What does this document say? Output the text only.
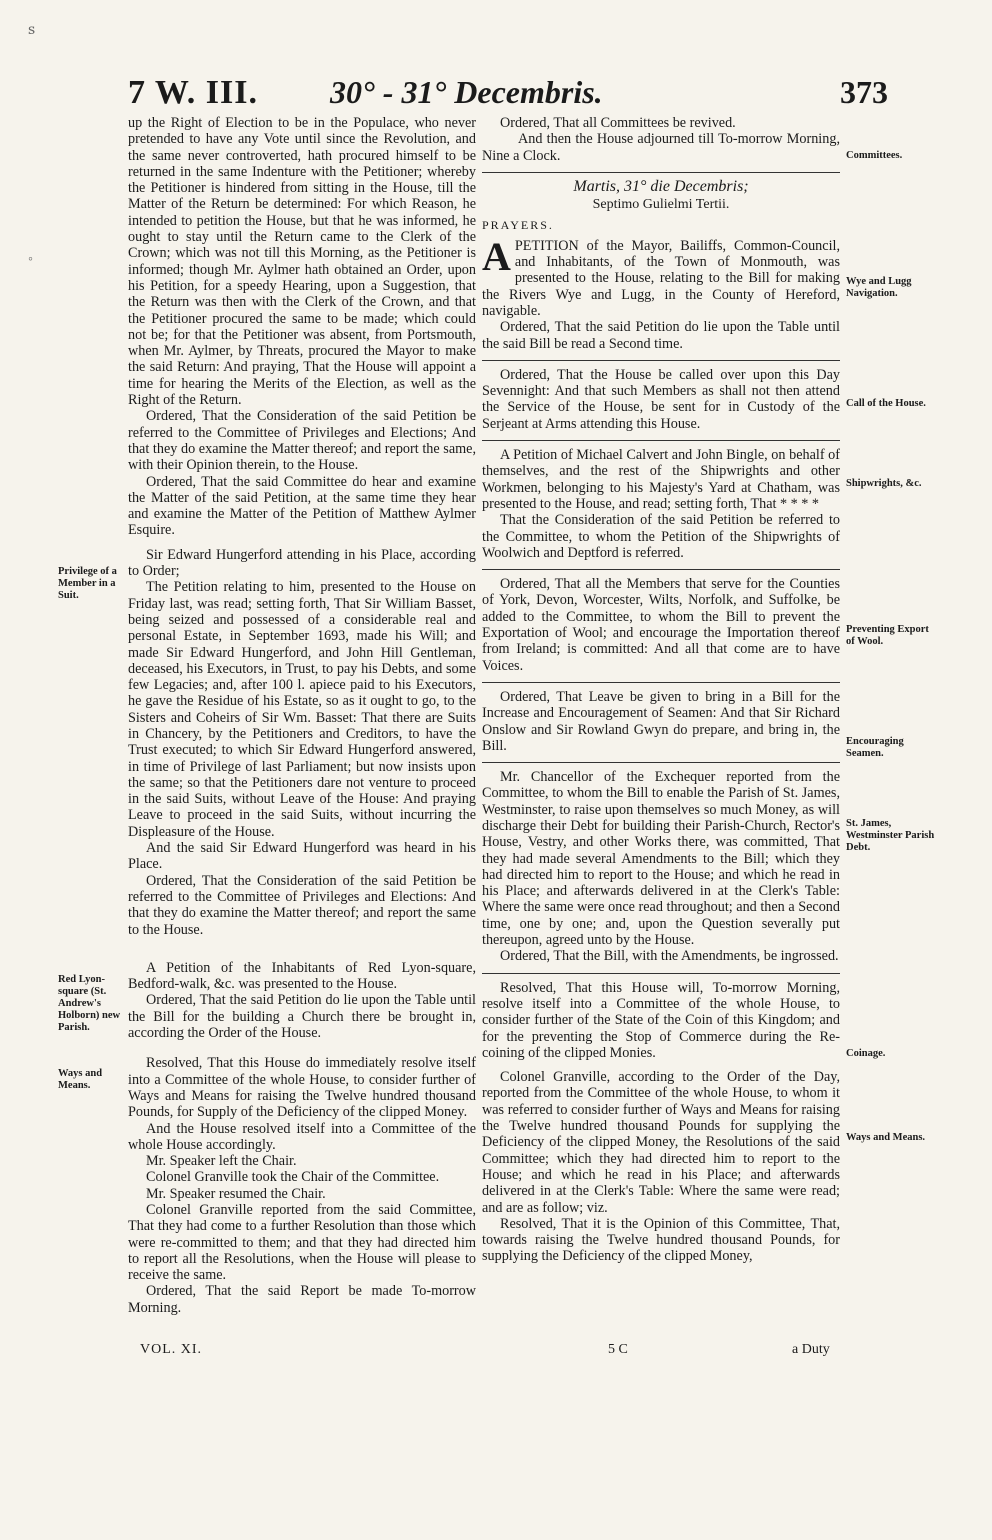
7 W. III. 30° - 31° Decembris.	373
ꜱ
◦

up the Right of Election to be in the Populace, who never pretended to have any Vote until since the Revolution, and the same never controverted, hath procured himself to be returned in the same Indenture with the Petitioner; whereby the Petitioner is hindered from sitting in the House, till the Matter of the Return be determined: For which Reason, he intended to petition the House, but that he was informed, he ought to stay until the Return came to the Clerk of the Crown; which was not till this Morning, as the Petitioner is informed; though Mr. Aylmer hath obtained an Order, upon his Petition, for a speedy Hearing, upon a Suggestion, that the Return was then with the Clerk of the Crown, and that the Petitioner procured the same to be made; which could not be; for that the Petitioner was absent, from Portsmouth, when Mr. Aylmer, by Threats, procured the Mayor to make the said Return: And praying, That the House will appoint a time for hearing the Merits of the Election, as well as the Right of the Return.

Ordered, That the Consideration of the said Petition be referred to the Committee of Privileges and Elections; And that they do examine the Matter thereof; and report the same, with their Opinion therein, to the House.

Ordered, That the said Committee do hear and examine the Matter of the said Petition, at the same time they hear and examine the Matter of the Petition of Matthew Aylmer Esquire.

Sir Edward Hungerford attending in his Place, according to Order;

The Petition relating to him, presented to the House on Friday last, was read; setting forth, That Sir William Basset, being seized and possessed of a considerable real and personal Estate, in September 1693, made his Will; and made Sir Edward Hungerford, and John Hill Gentleman, deceased, his Executors, in Trust, to pay his Debts, and some few Legacies; and, after 100 l. apiece paid to his Executors, he gave the Residue of his Estate, so as it ought to go, to the Sisters and Coheirs of Sir Wm. Basset: That there are Suits in Chancery, by the Petitioners and Creditors, to have the Trust executed; to which Sir Edward Hungerford answered, in time of Privilege of last Parliament; but now insists upon the same; so that the Petitioners dare not venture to proceed in the said Suits, without Leave of the House: And praying Leave to proceed in the said Suits, without incurring the Displeasure of the House.

And the said Sir Edward Hungerford was heard in his Place.

Ordered, That the Consideration of the said Petition be referred to the Committee of Privileges and Elections: And that they do examine the Matter thereof; and report the same to the House.

A Petition of the Inhabitants of Red Lyon-square, Bedford-walk, &c. was presented to the House.

Ordered, That the said Petition do lie upon the Table until the Bill for the building a Church there be brought in, according the Order of the House.

Resolved, That this House do immediately resolve itself into a Committee of the whole House, to consider further of Ways and Means for raising the Twelve hundred thousand Pounds, for Supply of the Deficiency of the clipped Money.

And the House resolved itself into a Committee of the whole House accordingly.

Mr. Speaker left the Chair.

Colonel Granville took the Chair of the Committee.

Mr. Speaker resumed the Chair.

Colonel Granville reported from the said Committee, That they had come to a further Resolution than those which were re-committed to them; and that they had directed him to report all the Resolutions, when the House will please to receive the same.

Ordered, That the said Report be made To-morrow Morning.

Privilege of a Member in a Suit.
Red Lyon-square (St. Andrew's Holborn) new Parish.
Ways and Means.

Ordered, That all Committees be revived.

And then the House adjourned till To-morrow Morning, Nine a Clock.

Martis, 31° die Decembris;
Septimo Gulielmi Tertii.
PRAYERS.

APETITION of the Mayor, Bailiffs, Common-Council, and Inhabitants, of the Town of Monmouth, was presented to the House, relating to the Bill for making the Rivers Wye and Lugg, in the County of Hereford, navigable.

Ordered, That the said Petition do lie upon the Table until the said Bill be read a Second time.

Ordered, That the House be called over upon this Day Sevennight: And that such Members as shall not then attend the Service of the House, be sent for in Custody of the Serjeant at Arms attending this House.

A Petition of Michael Calvert and John Bingle, on behalf of themselves, and the rest of the Shipwrights and other Workmen, belonging to his Majesty's Yard at Chatham, was presented to the House, and read; setting forth, That * * * *

That the Consideration of the said Petition be referred to the Committee, to whom the Petition of the Shipwrights of Woolwich and Deptford is referred.

Ordered, That all the Members that serve for the Counties of York, Devon, Worcester, Wilts, Norfolk, and Suffolke, be added to the Committee, to whom the Bill to prevent the Exportation of Wool; and encourage the Importation thereof from Ireland; is committed: And all that come are to have Voices.

Ordered, That Leave be given to bring in a Bill for the Increase and Encouragement of Seamen: And that Sir Richard Onslow and Sir Rowland Gwyn do prepare, and bring in, the Bill.

Mr. Chancellor of the Exchequer reported from the Committee, to whom the Bill to enable the Parish of St. James, Westminster, to raise upon themselves so much Money, as will discharge their Debt for building their Parish-Church, Rector's House, Vestry, and other Works there, was committed, That they had made several Amendments to the Bill; which they had directed him to report to the House; and which he read in his Place; and afterwards delivered in at the Clerk's Table: Where the same were once read throughout; and then a Second time, one by one; and, upon the Question severally put thereupon, agreed unto by the House.

Ordered, That the Bill, with the Amendments, be ingrossed.

Resolved, That this House will, To-morrow Morning, resolve itself into a Committee of the whole House, to consider further of the State of the Coin of this Kingdom; and for the preventing the Stop of Commerce during the Re-coining of the clipped Monies.

Colonel Granville, according to the Order of the Day, reported from the Committee of the whole House, to whom it was referred to consider further of Ways and Means for raising the Twelve hundred thousand Pounds for supplying the Deficiency of the clipped Money, the Resolutions of the said Committee; which they had directed him to report to the House; and which he read in his Place; and afterwards delivered in at the Clerk's Table: Where the same were read; and are as follow; viz.

Resolved, That it is the Opinion of this Committee, That, towards raising the Twelve hundred thousand Pounds, for supplying the Deficiency of the clipped Money,

Committees.
Wye and Lugg Navigation.
Call of the House.
Shipwrights, &c.
Preventing Export of Wool.
Encouraging Seamen.
St. James, Westminster Parish Debt.
Coinage.
Ways and Means.
VOL. XI.	5 C	a Duty
